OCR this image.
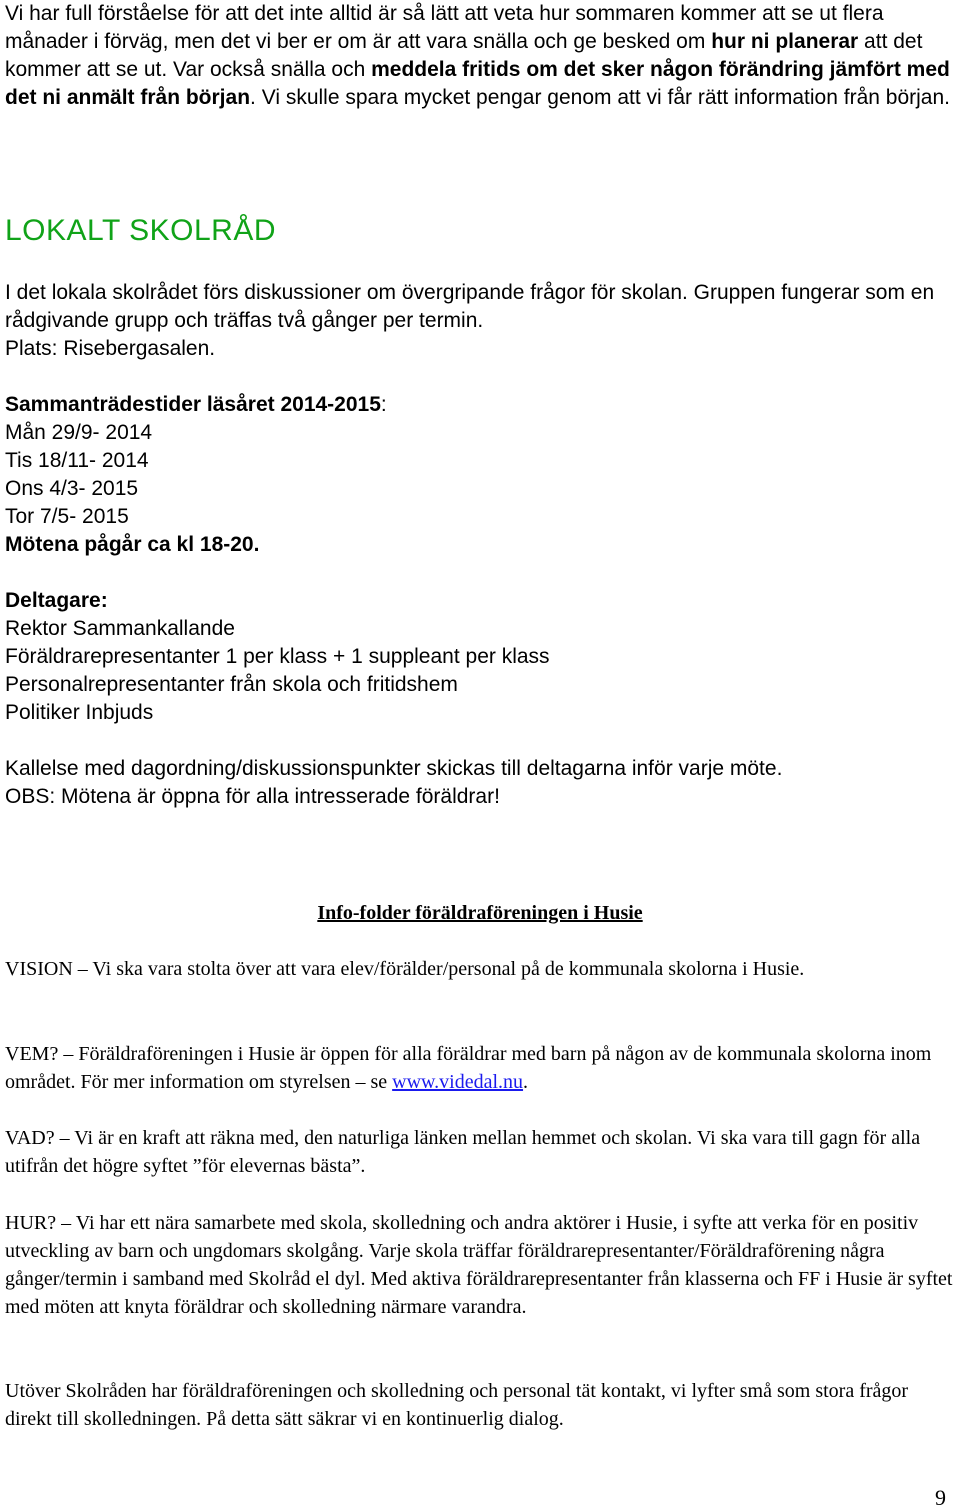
Vi har full förståelse för att det inte alltid är så lätt att veta hur sommaren kommer att se ut flera månader i förväg, men det vi ber er om är att vara snälla och ge besked om hur ni planerar att det kommer att se ut. Var också snälla och meddela fritids om det sker någon förändring jämfört med det ni anmält från början. Vi skulle spara mycket pengar genom att vi får rätt information från början.

LOKALT SKOLRÅD

I det lokala skolrådet förs diskussioner om övergripande frågor för skolan. Gruppen fungerar som en rådgivande grupp och träffas två gånger per termin.

Plats: Risebergasalen.

Sammanträdestider läsåret 2014-2015:

Mån 29/9- 2014

Tis 18/11- 2014

Ons 4/3- 2015

Tor 7/5- 2015

Mötena pågår ca kl 18-20.

Deltagare:

Rektor Sammankallande

Föräldrarepresentanter 1 per klass + 1 suppleant per klass

Personalrepresentanter från skola och fritidshem

Politiker Inbjuds

Kallelse med dagordning/diskussionspunkter skickas till deltagarna inför varje möte.

OBS: Mötena är öppna för alla intresserade föräldrar!

Info-folder föräldraföreningen i Husie

VISION – Vi ska vara stolta över att vara elev/förälder/personal på de kommunala skolorna i Husie.

VEM? – Föräldraföreningen i Husie är öppen för alla föräldrar med barn på någon av de kommunala skolorna inom området. För mer information om styrelsen – se www.videdal.nu.

VAD? – Vi är en kraft att räkna med, den naturliga länken mellan hemmet och skolan. Vi ska vara till gagn för alla utifrån det högre syftet ”för elevernas bästa”.

HUR? – Vi har ett nära samarbete med skola, skolledning och andra aktörer i Husie, i syfte att verka för en positiv utveckling av barn och ungdomars skolgång. Varje skola träffar föräldrarepresentanter/Föräldraförening några gånger/termin i samband med Skolråd el dyl. Med aktiva föräldrarepresentanter från klasserna och FF i Husie är syftet med möten att knyta föräldrar och skolledning närmare varandra.

Utöver Skolråden har föräldraföreningen och skolledning och personal tät kontakt, vi lyfter små som stora frågor direkt till skolledningen. På detta sätt säkrar vi en kontinuerlig dialog.

9
